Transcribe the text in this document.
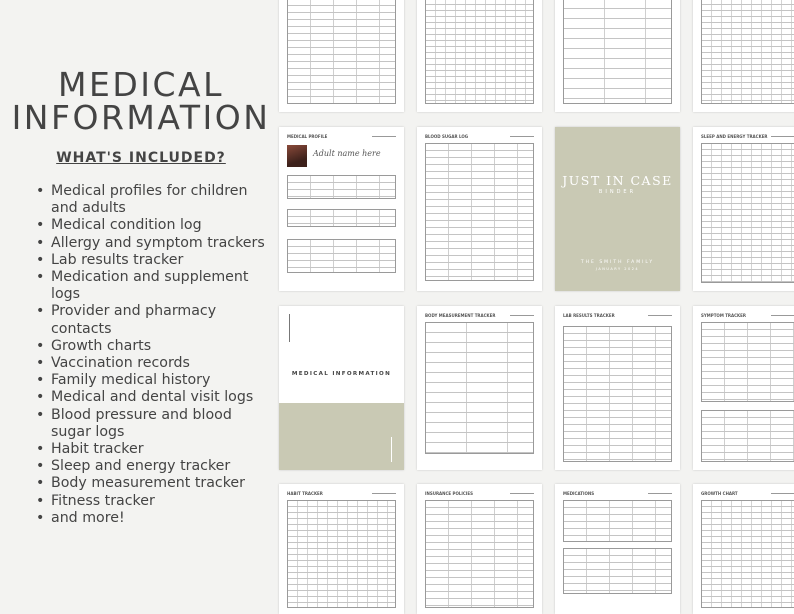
MEDICAL
INFORMATION
WHAT'S INCLUDED?
• Medical profiles for children and adults
• Medical condition log
• Allergy and symptom trackers
• Lab results tracker
• Medication and supplement logs
• Provider and pharmacy contacts
• Growth charts
• Vaccination records
• Family medical history
• Medical and dental visit logs
• Blood pressure and blood sugar logs
• Habit tracker
• Sleep and energy tracker
• Body measurement tracker
• Fitness tracker
• and more!
MEDICAL PROFILE
Adult name here
BLOOD SUGAR LOG
JUST IN CASE
BINDER
THE SMITH FAMILY
JANUARY 2024
SLEEP AND ENERGY TRACKER
MEDICAL INFORMATION
BODY MEASUREMENT TRACKER	LAB RESULTS TRACKER	SYMPTOM TRACKER
HABIT TRACKER	INSURANCE POLICIES	MEDICATIONS	GROWTH CHART
